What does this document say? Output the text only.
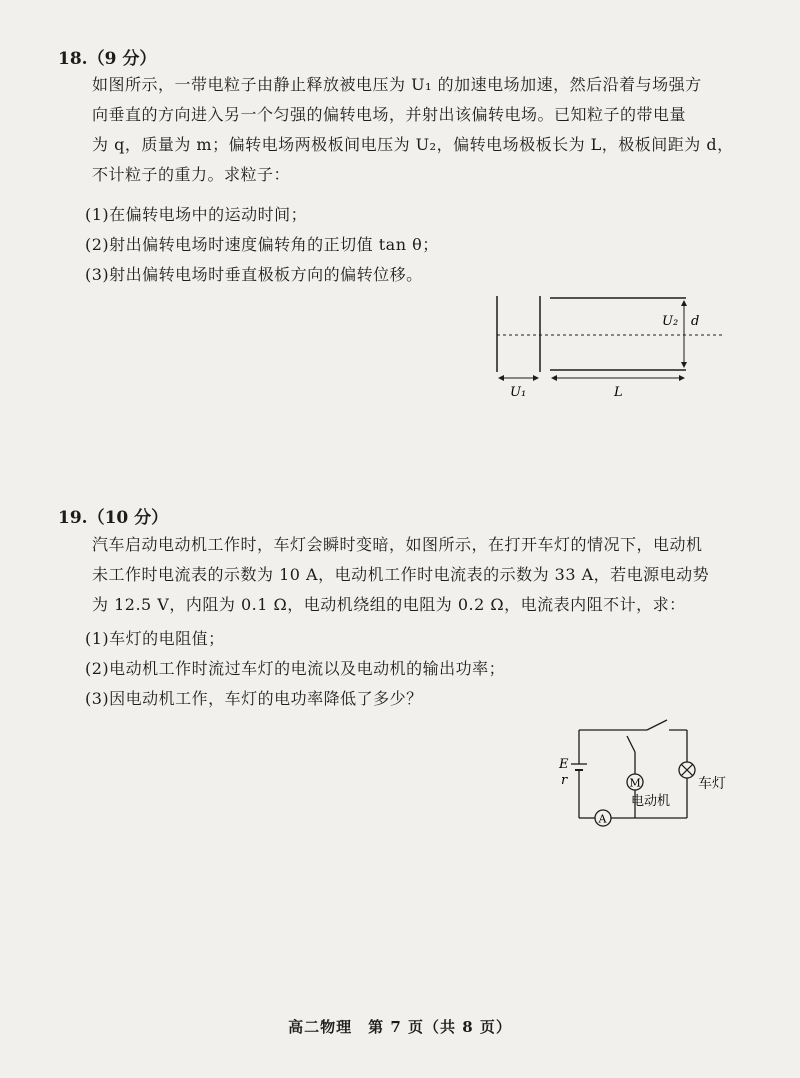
18.（9 分）
如图所示，一带电粒子由静止释放被电压为 U₁ 的加速电场加速，然后沿着与场强方
向垂直的方向进入另一个匀强的偏转电场，并射出该偏转电场。已知粒子的带电量
为 q，质量为 m；偏转电场两极板间电压为 U₂，偏转电场极板长为 L，极板间距为 d，
不计粒子的重力。求粒子：
(1)在偏转电场中的运动时间；
(2)射出偏转电场时速度偏转角的正切值 tan θ；
(3)射出偏转电场时垂直极板方向的偏转位移。
U₂ d
U₁	L
19.（10 分）
汽车启动电动机工作时，车灯会瞬时变暗，如图所示，在打开车灯的情况下，电动机
未工作时电流表的示数为 10 A，电动机工作时电流表的示数为 33 A，若电源电动势
为 12.5 V，内阻为 0.1 Ω，电动机绕组的电阻为 0.2 Ω，电流表内阻不计，求：
(1)车灯的电阻值；
(2)电动机工作时流过车灯的电流以及电动机的输出功率；
(3)因电动机工作，车灯的电功率降低了多少？
E
r
A
M
电动机
车灯
高二物理　第 7 页（共 8 页）
